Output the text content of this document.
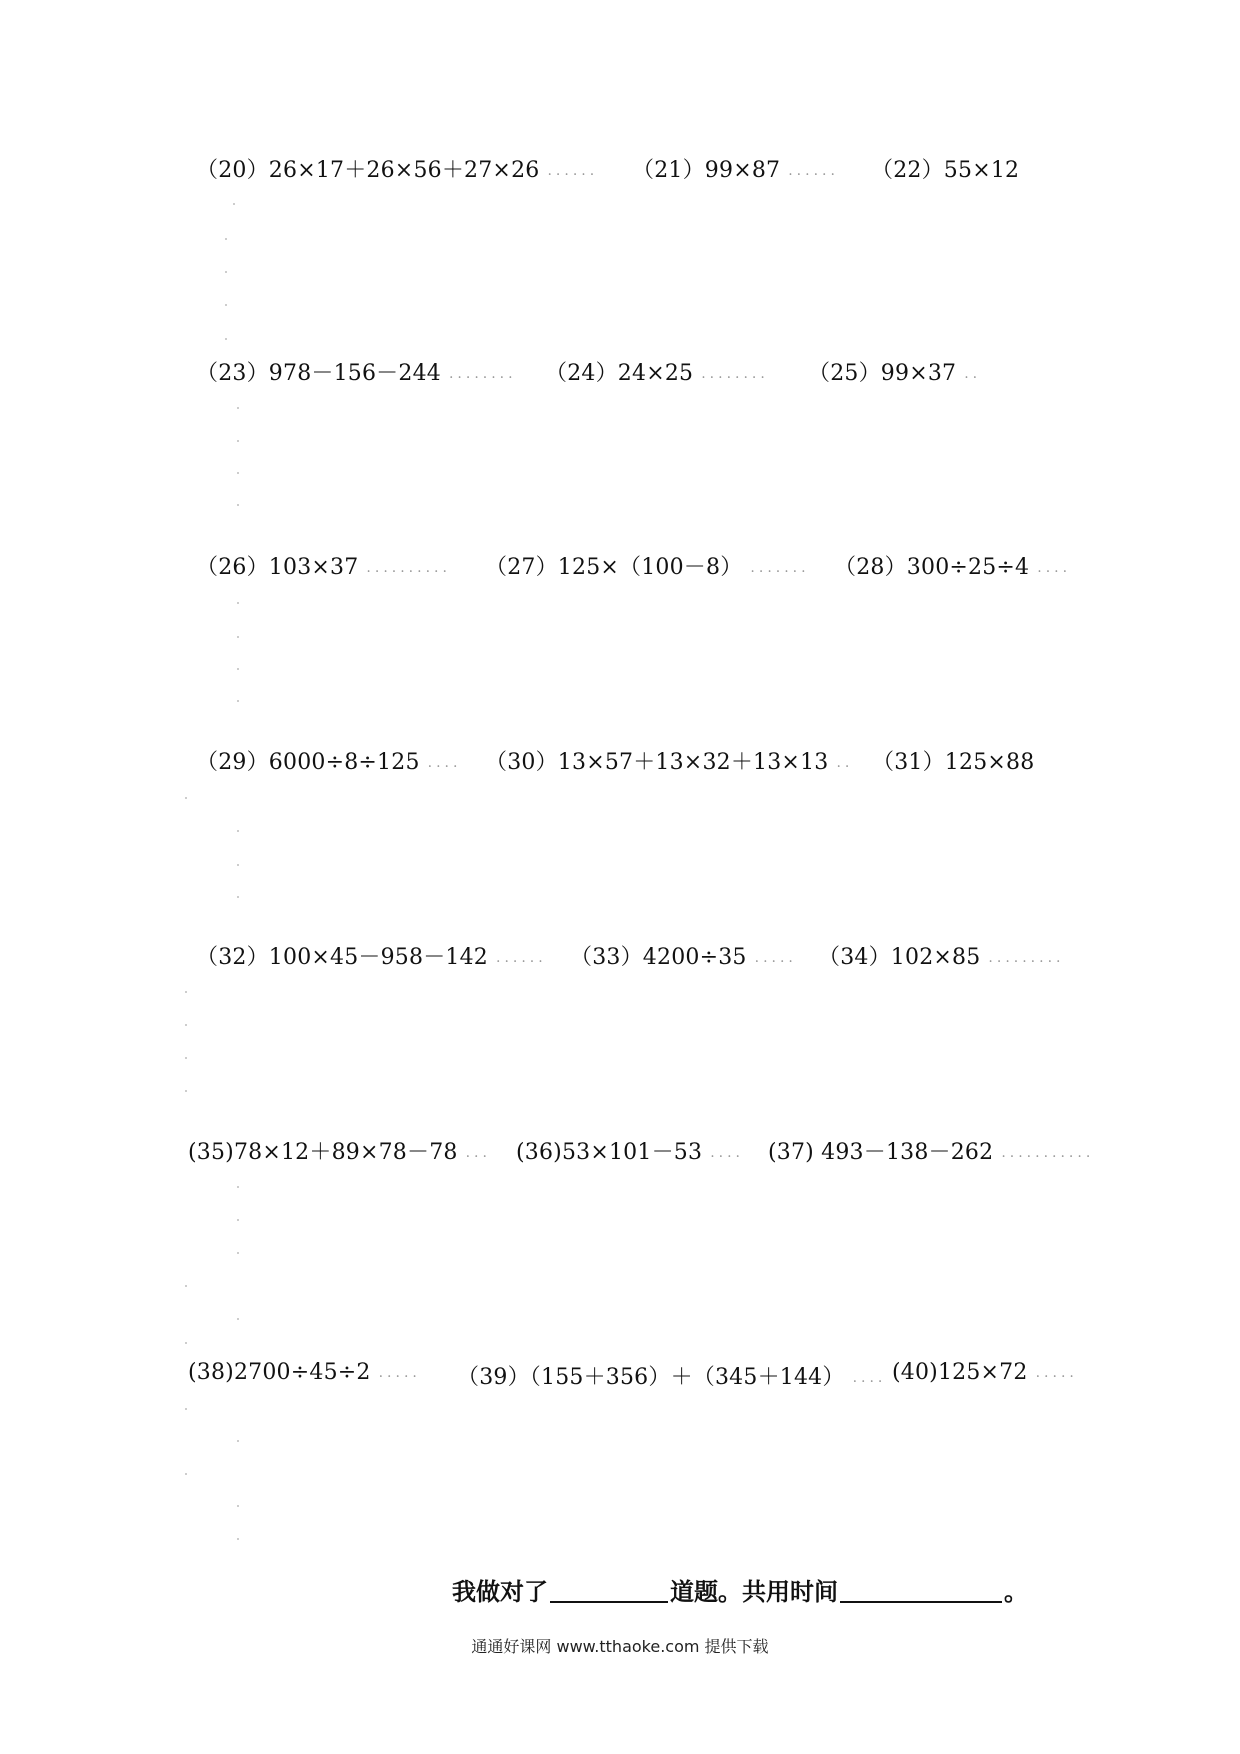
（20）26×17＋26×56＋27×26 ...... （21）99×87 ...... （22）55×12
（23）978－156－244 ........ （24）24×25 ........ （25）99×37 ..
（26）103×37 .......... （27）125×（100－8） ....... （28）300÷25÷4 ....
（29）6000÷8÷125 .... （30）13×57＋13×32＋13×13 .. （31）125×88
（32）100×45－958－142 ...... （33）4200÷35 ..... （34）102×85 .........
(35)78×12＋89×78－78 ... (36)53×101－53 .... (37) 493－138－262 ...........
(38)2700÷45÷2 ..... （39）（155＋356）＋（345＋144） .... (40)125×72 .....
我做对了	道题。共用时间	。
通通好课网 www.tthaoke.com 提供下载
